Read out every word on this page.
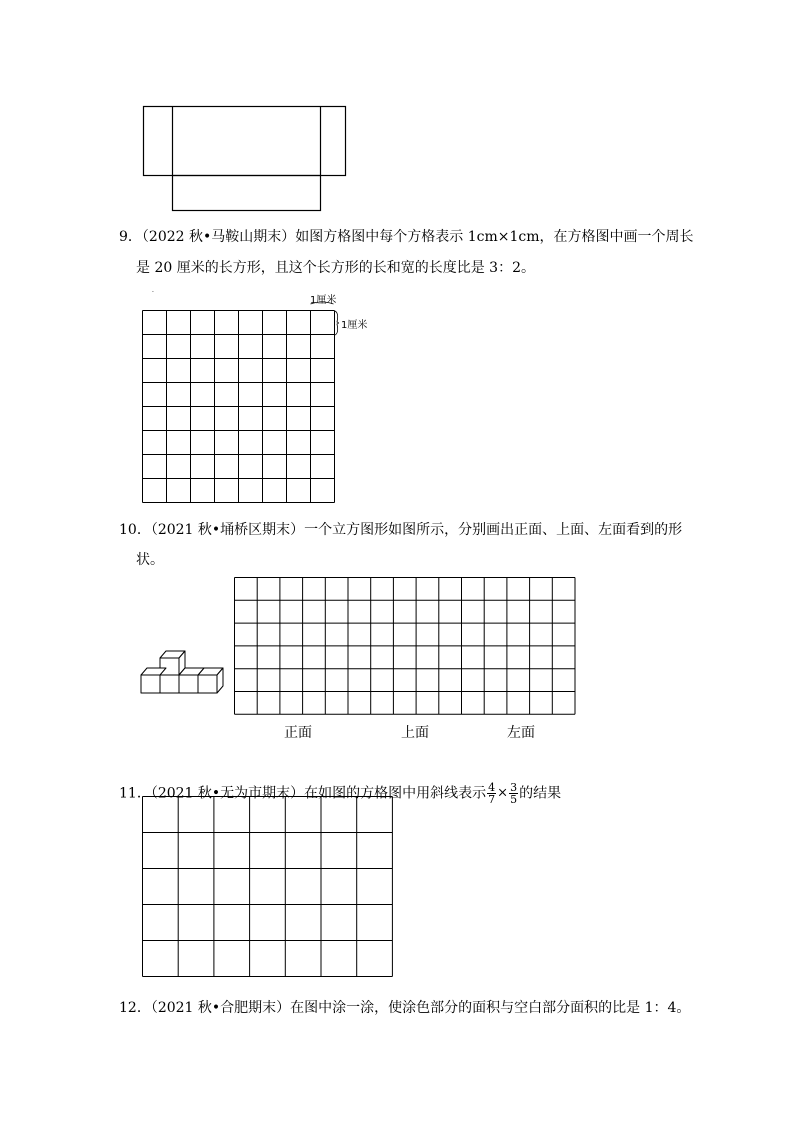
9．（2022 秋•马鞍山期末）如图方格图中每个方格表示 1cm×1cm，在方格图中画一个周长
是 20 厘米的长方形，且这个长方形的长和宽的长度比是 3：2。
·
1厘米
1厘米
10．（2021 秋•埇桥区期末）一个立方图形如图所示，分别画出正面、上面、左面看到的形
状。
正面	上面	左面
11．（2021 秋•无为市期末）在如图的方格图中用斜线表示 $\frac{4}{7} \times \frac{3}{5}$ 的结果
12．（2021 秋•合肥期末）在图中涂一涂，使涂色部分的面积与空白部分面积的比是 1：4。
